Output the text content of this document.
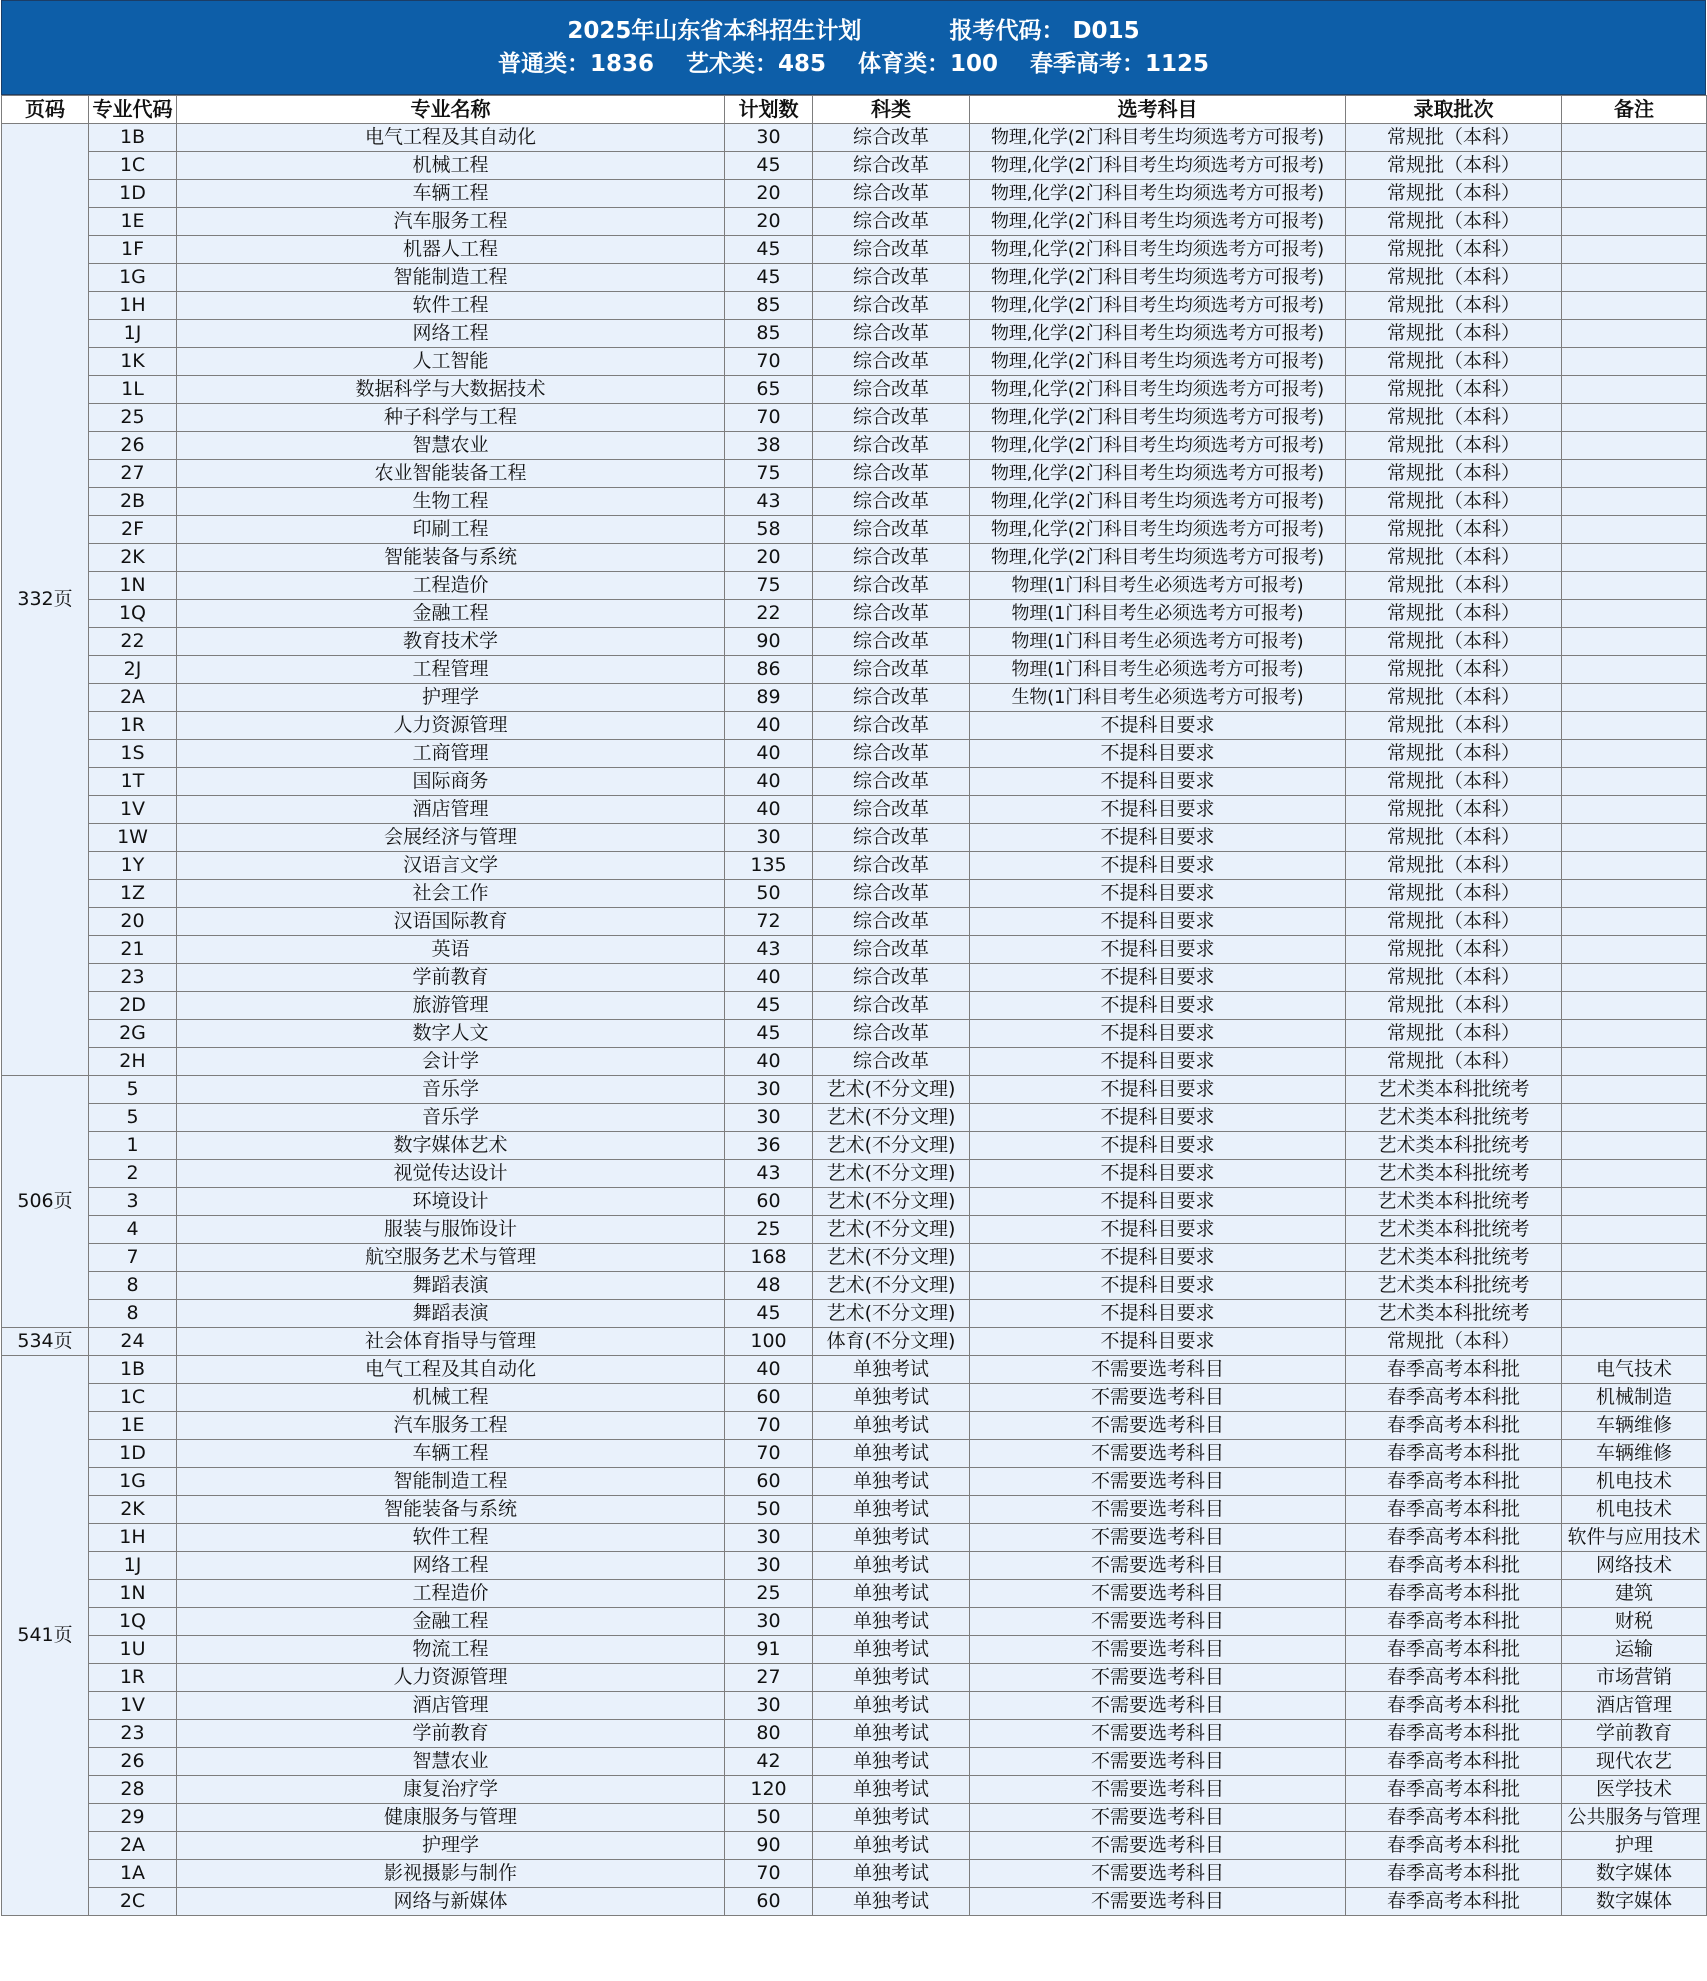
2025年山东省本科招生计划	报考代码： D015
普通类：1836 艺术类：485 体育类：100 春季高考：1125
页码	专业代码	专业名称	计划数	科类	选考科目	录取批次	备注
332页	1B	电气工程及其自动化	30	综合改革	物理,化学(2门科目考生均须选考方可报考)	常规批（本科）	
	1C	机械工程	45	综合改革	物理,化学(2门科目考生均须选考方可报考)	常规批（本科）	
	1D	车辆工程	20	综合改革	物理,化学(2门科目考生均须选考方可报考)	常规批（本科）	
	1E	汽车服务工程	20	综合改革	物理,化学(2门科目考生均须选考方可报考)	常规批（本科）	
	1F	机器人工程	45	综合改革	物理,化学(2门科目考生均须选考方可报考)	常规批（本科）	
	1G	智能制造工程	45	综合改革	物理,化学(2门科目考生均须选考方可报考)	常规批（本科）	
	1H	软件工程	85	综合改革	物理,化学(2门科目考生均须选考方可报考)	常规批（本科）	
	1J	网络工程	85	综合改革	物理,化学(2门科目考生均须选考方可报考)	常规批（本科）	
	1K	人工智能	70	综合改革	物理,化学(2门科目考生均须选考方可报考)	常规批（本科）	
	1L	数据科学与大数据技术	65	综合改革	物理,化学(2门科目考生均须选考方可报考)	常规批（本科）	
	25	种子科学与工程	70	综合改革	物理,化学(2门科目考生均须选考方可报考)	常规批（本科）	
	26	智慧农业	38	综合改革	物理,化学(2门科目考生均须选考方可报考)	常规批（本科）	
	27	农业智能装备工程	75	综合改革	物理,化学(2门科目考生均须选考方可报考)	常规批（本科）	
	2B	生物工程	43	综合改革	物理,化学(2门科目考生均须选考方可报考)	常规批（本科）	
	2F	印刷工程	58	综合改革	物理,化学(2门科目考生均须选考方可报考)	常规批（本科）	
	2K	智能装备与系统	20	综合改革	物理,化学(2门科目考生均须选考方可报考)	常规批（本科）	
	1N	工程造价	75	综合改革	物理(1门科目考生必须选考方可报考)	常规批（本科）	
	1Q	金融工程	22	综合改革	物理(1门科目考生必须选考方可报考)	常规批（本科）	
	22	教育技术学	90	综合改革	物理(1门科目考生必须选考方可报考)	常规批（本科）	
	2J	工程管理	86	综合改革	物理(1门科目考生必须选考方可报考)	常规批（本科）	
	2A	护理学	89	综合改革	生物(1门科目考生必须选考方可报考)	常规批（本科）	
	1R	人力资源管理	40	综合改革	不提科目要求	常规批（本科）	
	1S	工商管理	40	综合改革	不提科目要求	常规批（本科）	
	1T	国际商务	40	综合改革	不提科目要求	常规批（本科）	
	1V	酒店管理	40	综合改革	不提科目要求	常规批（本科）	
	1W	会展经济与管理	30	综合改革	不提科目要求	常规批（本科）	
	1Y	汉语言文学	135	综合改革	不提科目要求	常规批（本科）	
	1Z	社会工作	50	综合改革	不提科目要求	常规批（本科）	
	20	汉语国际教育	72	综合改革	不提科目要求	常规批（本科）	
	21	英语	43	综合改革	不提科目要求	常规批（本科）	
	23	学前教育	40	综合改革	不提科目要求	常规批（本科）	
	2D	旅游管理	45	综合改革	不提科目要求	常规批（本科）	
	2G	数字人文	45	综合改革	不提科目要求	常规批（本科）	
	2H	会计学	40	综合改革	不提科目要求	常规批（本科）	
506页	5	音乐学	30	艺术(不分文理)	不提科目要求	艺术类本科批统考	
	5	音乐学	30	艺术(不分文理)	不提科目要求	艺术类本科批统考	
	1	数字媒体艺术	36	艺术(不分文理)	不提科目要求	艺术类本科批统考	
	2	视觉传达设计	43	艺术(不分文理)	不提科目要求	艺术类本科批统考	
	3	环境设计	60	艺术(不分文理)	不提科目要求	艺术类本科批统考	
	4	服装与服饰设计	25	艺术(不分文理)	不提科目要求	艺术类本科批统考	
	7	航空服务艺术与管理	168	艺术(不分文理)	不提科目要求	艺术类本科批统考	
	8	舞蹈表演	48	艺术(不分文理)	不提科目要求	艺术类本科批统考	
	8	舞蹈表演	45	艺术(不分文理)	不提科目要求	艺术类本科批统考	
534页	24	社会体育指导与管理	100	体育(不分文理)	不提科目要求	常规批（本科）	
541页	1B	电气工程及其自动化	40	单独考试	不需要选考科目	春季高考本科批	电气技术
	1C	机械工程	60	单独考试	不需要选考科目	春季高考本科批	机械制造
	1E	汽车服务工程	70	单独考试	不需要选考科目	春季高考本科批	车辆维修
	1D	车辆工程	70	单独考试	不需要选考科目	春季高考本科批	车辆维修
	1G	智能制造工程	60	单独考试	不需要选考科目	春季高考本科批	机电技术
	2K	智能装备与系统	50	单独考试	不需要选考科目	春季高考本科批	机电技术
	1H	软件工程	30	单独考试	不需要选考科目	春季高考本科批	软件与应用技术
	1J	网络工程	30	单独考试	不需要选考科目	春季高考本科批	网络技术
	1N	工程造价	25	单独考试	不需要选考科目	春季高考本科批	建筑
	1Q	金融工程	30	单独考试	不需要选考科目	春季高考本科批	财税
	1U	物流工程	91	单独考试	不需要选考科目	春季高考本科批	运输
	1R	人力资源管理	27	单独考试	不需要选考科目	春季高考本科批	市场营销
	1V	酒店管理	30	单独考试	不需要选考科目	春季高考本科批	酒店管理
	23	学前教育	80	单独考试	不需要选考科目	春季高考本科批	学前教育
	26	智慧农业	42	单独考试	不需要选考科目	春季高考本科批	现代农艺
	28	康复治疗学	120	单独考试	不需要选考科目	春季高考本科批	医学技术
	29	健康服务与管理	50	单独考试	不需要选考科目	春季高考本科批	公共服务与管理
	2A	护理学	90	单独考试	不需要选考科目	春季高考本科批	护理
	1A	影视摄影与制作	70	单独考试	不需要选考科目	春季高考本科批	数字媒体
	2C	网络与新媒体	60	单独考试	不需要选考科目	春季高考本科批	数字媒体
